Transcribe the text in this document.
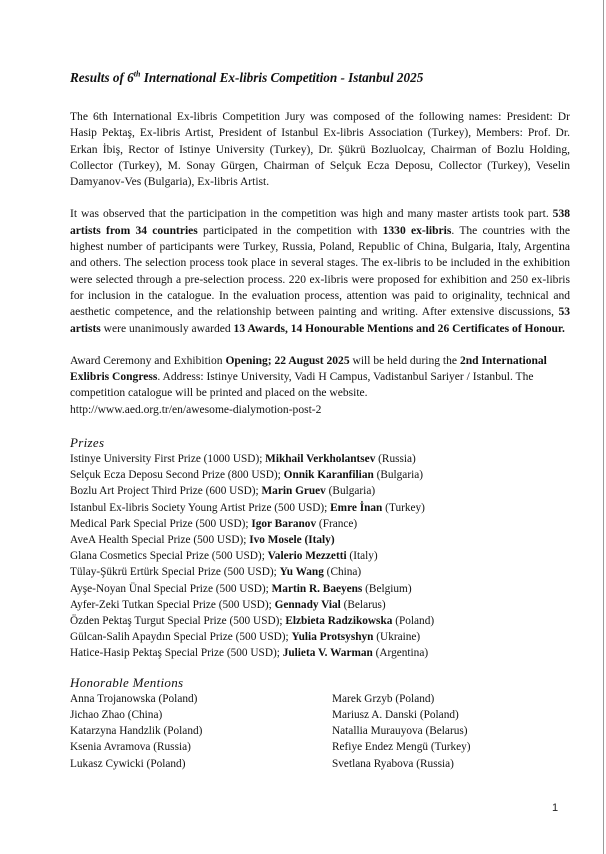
Results of 6th International Ex-libris Competition - Istanbul 2025

The 6th International Ex-libris Competition Jury was composed of the following names: President: Dr Hasip Pektaş, Ex-libris Artist, President of Istanbul Ex-libris Association (Turkey), Members: Prof. Dr. Erkan İbiş, Rector of Istinye University (Turkey), Dr. Şükrü Bozluolcay, Chairman of Bozlu Holding, Collector (Turkey), M. Sonay Gürgen, Chairman of Selçuk Ecza Deposu, Collector (Turkey), Veselin Damyanov-Ves (Bulgaria), Ex-libris Artist.

It was observed that the participation in the competition was high and many master artists took part. 538 artists from 34 countries participated in the competition with 1330 ex-libris. The countries with the highest number of participants were Turkey, Russia, Poland, Republic of China, Bulgaria, Italy, Argentina and others. The selection process took place in several stages. The ex-libris to be included in the exhibition were selected through a pre-selection process. 220 ex-libris were proposed for exhibition and 250 ex-libris for inclusion in the catalogue. In the evaluation process, attention was paid to originality, technical and aesthetic competence, and the relationship between painting and writing. After extensive discussions, 53 artists were unanimously awarded 13 Awards, 14 Honourable Mentions and 26 Certificates of Honour.

Award Ceremony and Exhibition Opening; 22 August 2025 will be held during the 2nd International Exlibris Congress. Address: Istinye University, Vadi H Campus, Vadistanbul Sariyer / Istanbul. The competition catalogue will be printed and placed on the website.
http://www.aed.org.tr/en/awesome-dialymotion-post-2

Prizes
Istinye University First Prize (1000 USD); Mikhail Verkholantsev (Russia)
Selçuk Ecza Deposu Second Prize (800 USD); Onnik Karanfilian (Bulgaria)
Bozlu Art Project Third Prize (600 USD); Marin Gruev (Bulgaria)
Istanbul Ex-libris Society Young Artist Prize (500 USD); Emre İnan (Turkey)
Medical Park Special Prize (500 USD); Igor Baranov (France)
AveA Health Special Prize (500 USD); Ivo Mosele (Italy)
Glana Cosmetics Special Prize (500 USD); Valerio Mezzetti (Italy)
Tülay-Şükrü Ertürk Special Prize (500 USD); Yu Wang (China)
Ayşe-Noyan Ünal Special Prize (500 USD); Martin R. Baeyens (Belgium)
Ayfer-Zeki Tutkan Special Prize (500 USD); Gennady Vial (Belarus)
Özden Pektaş Turgut Special Prize (500 USD); Elzbieta Radzikowska (Poland)
Gülcan-Salih Apaydın Special Prize (500 USD); Yulia Protsyshyn (Ukraine)
Hatice-Hasip Pektaş Special Prize (500 USD); Julieta V. Warman (Argentina)
Honorable Mentions
Anna Trojanowska (Poland)
Jichao Zhao (China)
Katarzyna Handzlik (Poland)
Ksenia Avramova (Russia)
Lukasz Cywicki (Poland)
Marek Grzyb (Poland)
Mariusz A. Danski (Poland)
Natallia Murauyova (Belarus)
Refiye Endez Mengü (Turkey)
Svetlana Ryabova (Russia)
1
